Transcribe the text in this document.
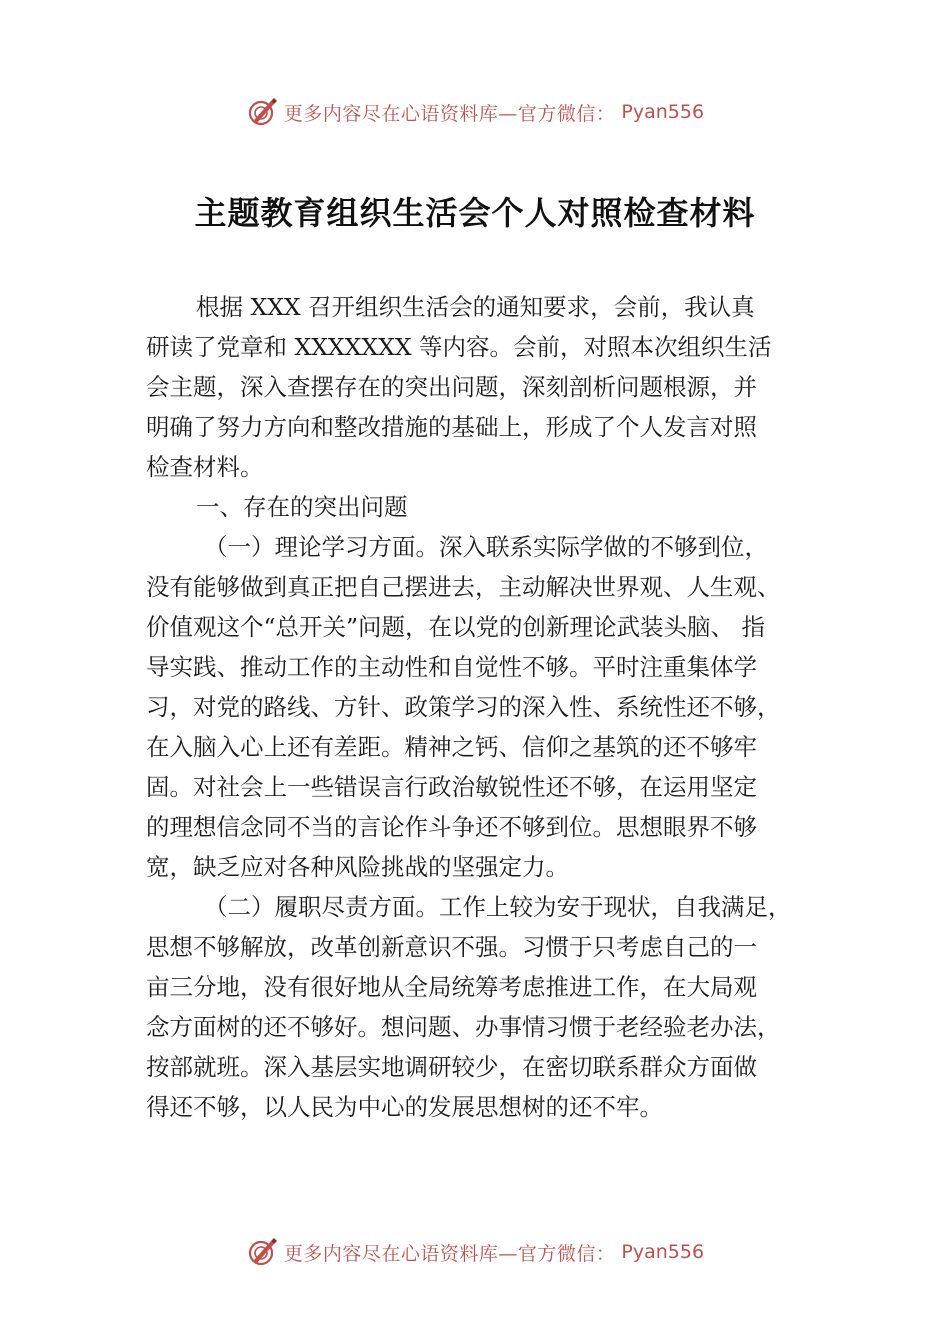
更多内容尽在心语资料库—官方微信： Pyan556
主题教育组织生活会个人对照检查材料
根据 XXX 召开组织生活会的通知要求，会前，我认真
研读了党章和 XXXXXXX 等内容。会前，对照本次组织生活
会主题，深入查摆存在的突出问题，深刻剖析问题根源，并
明确了努力方向和整改措施的基础上，形成了个人发言对照
检查材料。
一、存在的突出问题
（一）理论学习方面。深入联系实际学做的不够到位，
没有能够做到真正把自己摆进去，主动解决世界观、人生观、
价值观这个“总开关”问题，在以党的创新理论武装头脑、 指
导实践、推动工作的主动性和自觉性不够。平时注重集体学
习，对党的路线、方针、政策学习的深入性、系统性还不够，
在入脑入心上还有差距。精神之钙、信仰之基筑的还不够牢
固。对社会上一些错误言行政治敏锐性还不够，在运用坚定
的理想信念同不当的言论作斗争还不够到位。思想眼界不够
宽，缺乏应对各种风险挑战的坚强定力。
（二）履职尽责方面。工作上较为安于现状，自我满足，
思想不够解放，改革创新意识不强。习惯于只考虑自己的一
亩三分地，没有很好地从全局统筹考虑推进工作，在大局观
念方面树的还不够好。想问题、办事情习惯于老经验老办法，
按部就班。深入基层实地调研较少，在密切联系群众方面做
得还不够，以人民为中心的发展思想树的还不牢。
更多内容尽在心语资料库—官方微信： Pyan556
